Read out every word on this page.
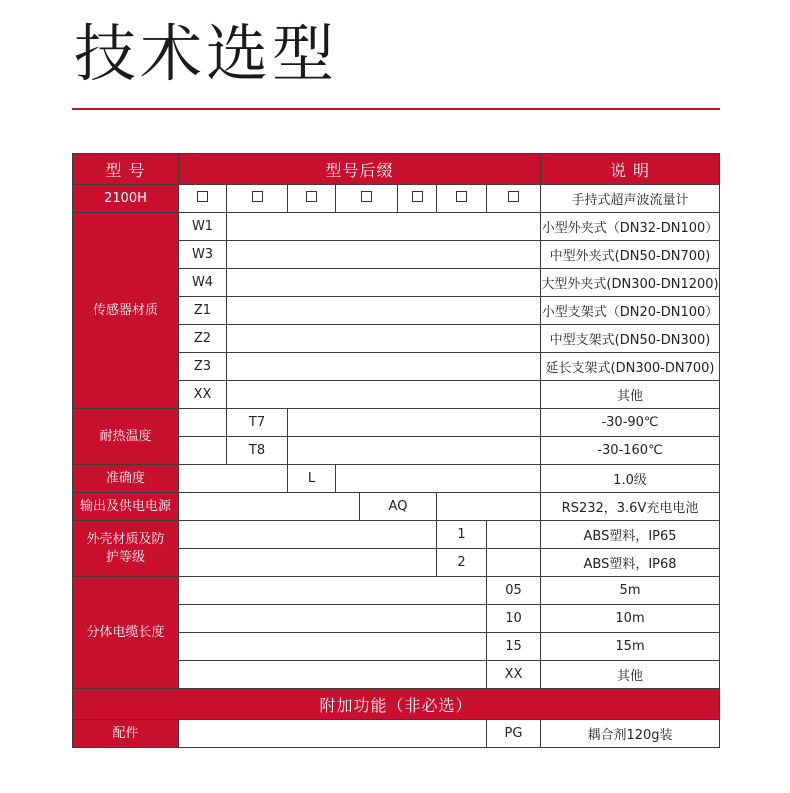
技术选型
型 号	型号后缀								说 明
2100H									手持式超声波流量计
传感器材质	W1								小型外夹式（DN32-DN100）
	W3								中型外夹式(DN50-DN700)
	W4								大型外夹式(DN300-DN1200)
	Z1								小型支架式（DN20-DN100）
	Z2								中型支架式(DN50-DN300)
	Z3								延长支架式(DN300-DN700)
	XX								其他
耐热温度		T7							-30-90℃
		T8							-30-160℃
准确度			L						1.0级
输出及供电电源					AQ				RS232，3.6V充电电池
外壳材质及防护等级							1		ABS塑料，IP65
							2		ABS塑料，IP68
分体电缆长度								05	5m
								10	10m
								15	15m
								XX	其他
附加功能（非必选）									
配件								PG	耦合剂120g装
